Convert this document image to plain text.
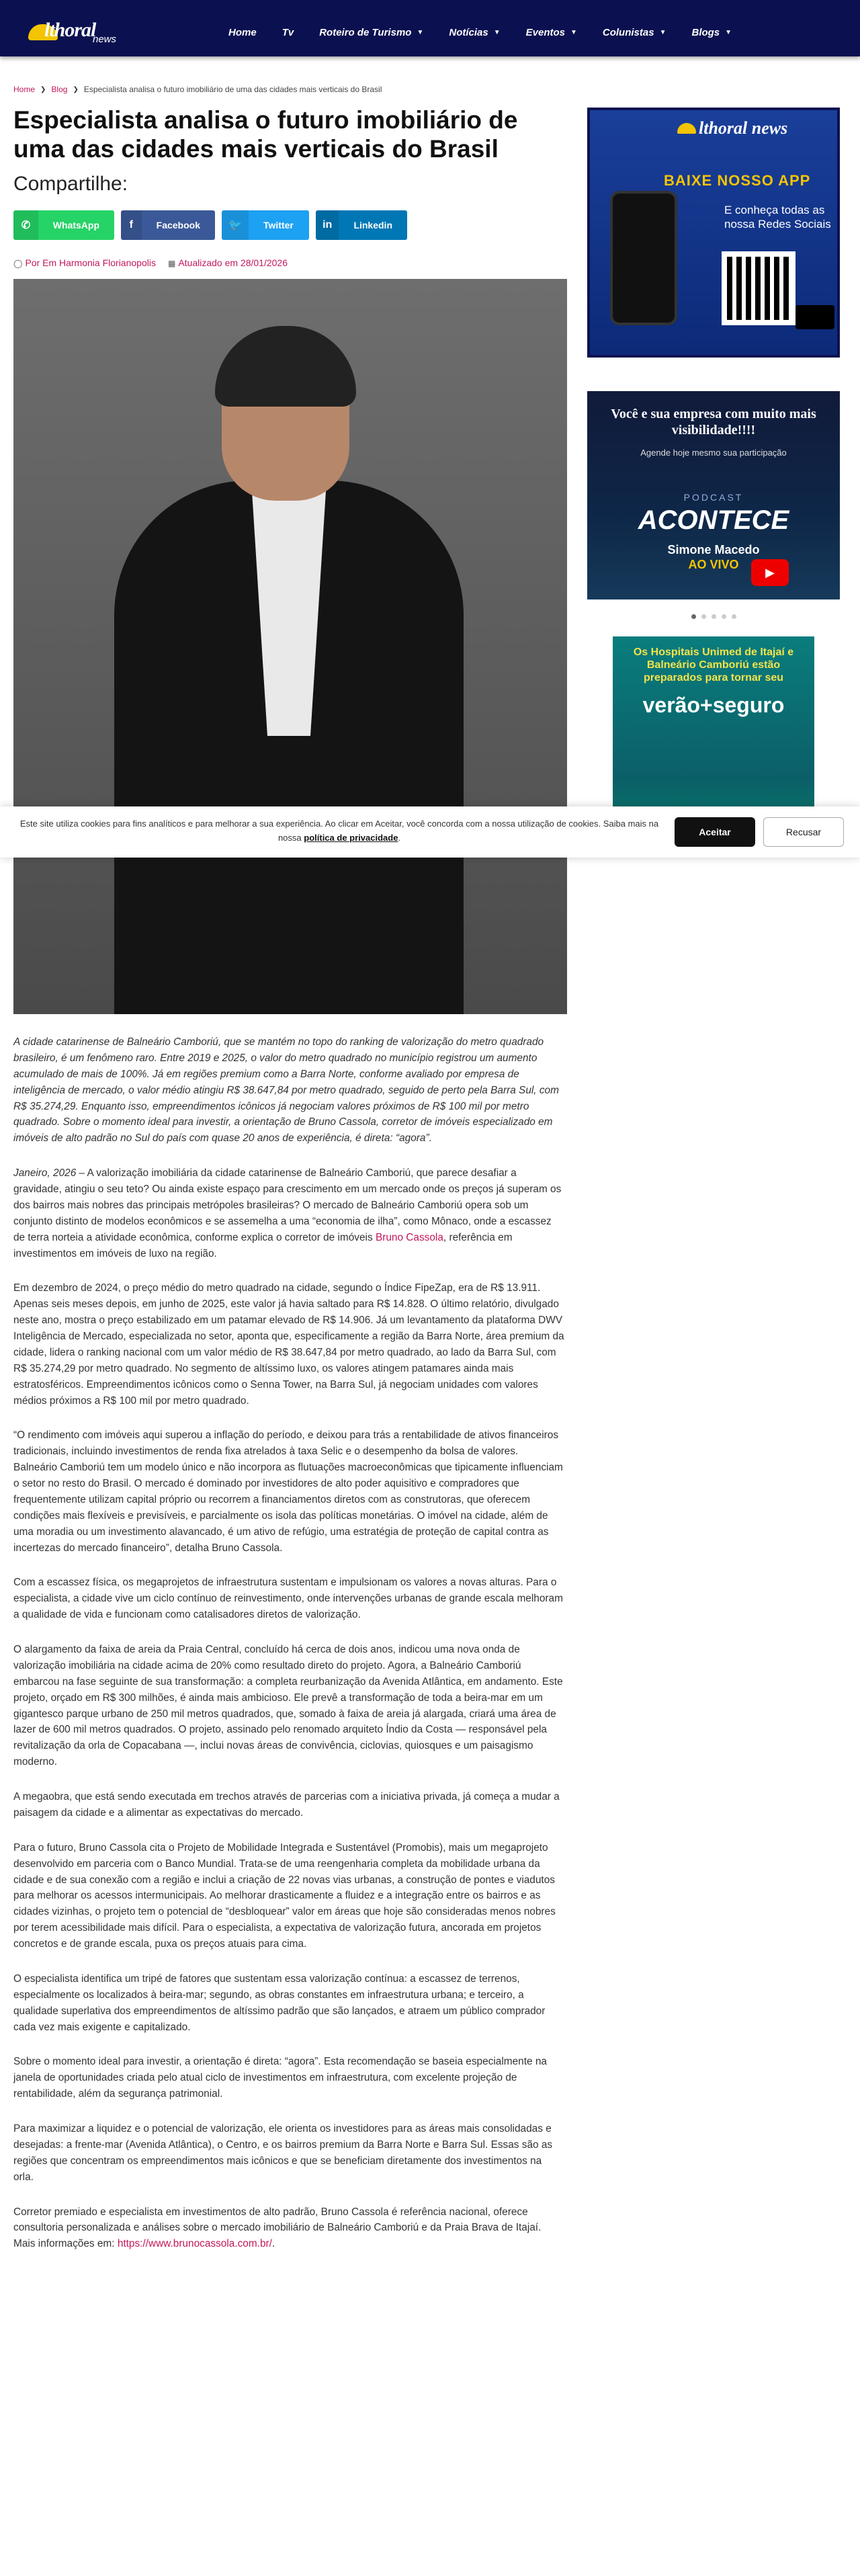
lthoral
news
Home	Tv	Roteiro de Turismo ▼	Notícias ▼	Eventos ▼	Colunistas ▼	Blogs ▼
Home ❯ Blog ❯ Especialista analisa o futuro imobiliário de uma das cidades mais verticais do Brasil
Especialista analisa o futuro imobiliário de uma das cidades mais verticais do Brasil
Compartilhe:
✆	WhatsApp	f	Facebook	🐦	Twitter	in	Linkedin
◯ Por Em Harmonia Florianopolis ▦ Atualizado em 28/01/2026

A cidade catarinense de Balneário Camboriú, que se mantém no topo do ranking de valorização do metro quadrado brasileiro, é um fenômeno raro. Entre 2019 e 2025, o valor do metro quadrado no município registrou um aumento acumulado de mais de 100%. Já em regiões premium como a Barra Norte, conforme avaliado por empresa de inteligência de mercado, o valor médio atingiu R$ 38.647,84 por metro quadrado, seguido de perto pela Barra Sul, com R$ 35.274,29. Enquanto isso, empreendimentos icônicos já negociam valores próximos de R$ 100 mil por metro quadrado. Sobre o momento ideal para investir, a orientação de Bruno Cassola, corretor de imóveis especializado em imóveis de alto padrão no Sul do país com quase 20 anos de experiência, é direta: “agora”.

Janeiro, 2026 – A valorização imobiliária da cidade catarinense de Balneário Camboriú, que parece desafiar a gravidade, atingiu o seu teto? Ou ainda existe espaço para crescimento em um mercado onde os preços já superam os dos bairros mais nobres das principais metrópoles brasileiras? O mercado de Balneário Camboriú opera sob um conjunto distinto de modelos econômicos e se assemelha a uma “economia de ilha”, como Mônaco, onde a escassez de terra norteia a atividade econômica, conforme explica o corretor de imóveis Bruno Cassola, referência em investimentos em imóveis de luxo na região.

Em dezembro de 2024, o preço médio do metro quadrado na cidade, segundo o Índice FipeZap, era de R$ 13.911. Apenas seis meses depois, em junho de 2025, este valor já havia saltado para R$ 14.828. O último relatório, divulgado neste ano, mostra o preço estabilizado em um patamar elevado de R$ 14.906. Já um levantamento da plataforma DWV Inteligência de Mercado, especializada no setor, aponta que, especificamente a região da Barra Norte, área premium da cidade, lidera o ranking nacional com um valor médio de R$ 38.647,84 por metro quadrado, ao lado da Barra Sul, com R$ 35.274,29 por metro quadrado. No segmento de altíssimo luxo, os valores atingem patamares ainda mais estratosféricos. Empreendimentos icônicos como o Senna Tower, na Barra Sul, já negociam unidades com valores médios próximos a R$ 100 mil por metro quadrado.

“O rendimento com imóveis aqui superou a inflação do período, e deixou para trás a rentabilidade de ativos financeiros tradicionais, incluindo investimentos de renda fixa atrelados à taxa Selic e o desempenho da bolsa de valores. Balneário Camboriú tem um modelo único e não incorpora as flutuações macroeconômicas que tipicamente influenciam o setor no resto do Brasil. O mercado é dominado por investidores de alto poder aquisitivo e compradores que frequentemente utilizam capital próprio ou recorrem a financiamentos diretos com as construtoras, que oferecem condições mais flexíveis e previsíveis, e parcialmente os isola das políticas monetárias. O imóvel na cidade, além de uma moradia ou um investimento alavancado, é um ativo de refúgio, uma estratégia de proteção de capital contra as incertezas do mercado financeiro”, detalha Bruno Cassola.

Com a escassez física, os megaprojetos de infraestrutura sustentam e impulsionam os valores a novas alturas. Para o especialista, a cidade vive um ciclo contínuo de reinvestimento, onde intervenções urbanas de grande escala melhoram a qualidade de vida e funcionam como catalisadores diretos de valorização.

O alargamento da faixa de areia da Praia Central, concluído há cerca de dois anos, indicou uma nova onda de valorização imobiliária na cidade acima de 20% como resultado direto do projeto. Agora, a Balneário Camboriú embarcou na fase seguinte de sua transformação: a completa reurbanização da Avenida Atlântica, em andamento. Este projeto, orçado em R$ 300 milhões, é ainda mais ambicioso. Ele prevê a transformação de toda a beira-mar em um gigantesco parque urbano de 250 mil metros quadrados, que, somado à faixa de areia já alargada, criará uma área de lazer de 600 mil metros quadrados. O projeto, assinado pelo renomado arquiteto Índio da Costa — responsável pela revitalização da orla de Copacabana —, inclui novas áreas de convivência, ciclovias, quiosques e um paisagismo moderno.

A megaobra, que está sendo executada em trechos através de parcerias com a iniciativa privada, já começa a mudar a paisagem da cidade e a alimentar as expectativas do mercado.

Para o futuro, Bruno Cassola cita o Projeto de Mobilidade Integrada e Sustentável (Promobis), mais um megaprojeto desenvolvido em parceria com o Banco Mundial. Trata-se de uma reengenharia completa da mobilidade urbana da cidade e de sua conexão com a região e inclui a criação de 22 novas vias urbanas, a construção de pontes e viadutos para melhorar os acessos intermunicipais. Ao melhorar drasticamente a fluidez e a integração entre os bairros e as cidades vizinhas, o projeto tem o potencial de “desbloquear” valor em áreas que hoje são consideradas menos nobres por terem acessibilidade mais difícil. Para o especialista, a expectativa de valorização futura, ancorada em projetos concretos e de grande escala, puxa os preços atuais para cima.

O especialista identifica um tripé de fatores que sustentam essa valorização contínua: a escassez de terrenos, especialmente os localizados à beira-mar; segundo, as obras constantes em infraestrutura urbana; e terceiro, a qualidade superlativa dos empreendimentos de altíssimo padrão que são lançados, e atraem um público comprador cada vez mais exigente e capitalizado.

Sobre o momento ideal para investir, a orientação é direta: “agora”. Esta recomendação se baseia especialmente na janela de oportunidades criada pelo atual ciclo de investimentos em infraestrutura, com excelente projeção de rentabilidade, além da segurança patrimonial.

Para maximizar a liquidez e o potencial de valorização, ele orienta os investidores para as áreas mais consolidadas e desejadas: a frente-mar (Avenida Atlântica), o Centro, e os bairros premium da Barra Norte e Barra Sul. Essas são as regiões que concentram os empreendimentos mais icônicos e que se beneficiam diretamente dos investimentos na orla.

Corretor premiado e especialista em investimentos de alto padrão, Bruno Cassola é referência nacional, oferece consultoria personalizada e análises sobre o mercado imobiliário de Balneário Camboriú e da Praia Brava de Itajaí. Mais informações em: https://www.brunocassola.com.br/.

lthoral news
BAIXE NOSSO APP
E conheça todas as nossa Redes Sociais
Você e sua empresa com muito mais visibilidade!!!!
Agende hoje mesmo sua participação
PODCAST
ACONTECE
Simone Macedo
AO VIVO
▶
Os Hospitais Unimed de Itajaí e Balneário Camboriú estão preparados para tornar seu
verão+seguro
Este site utiliza cookies para fins analíticos e para melhorar a sua experiência. Ao clicar em Aceitar, você concorda com a nossa utilização de cookies. Saiba mais na nossa política de privacidade.
Aceitar	Recusar
